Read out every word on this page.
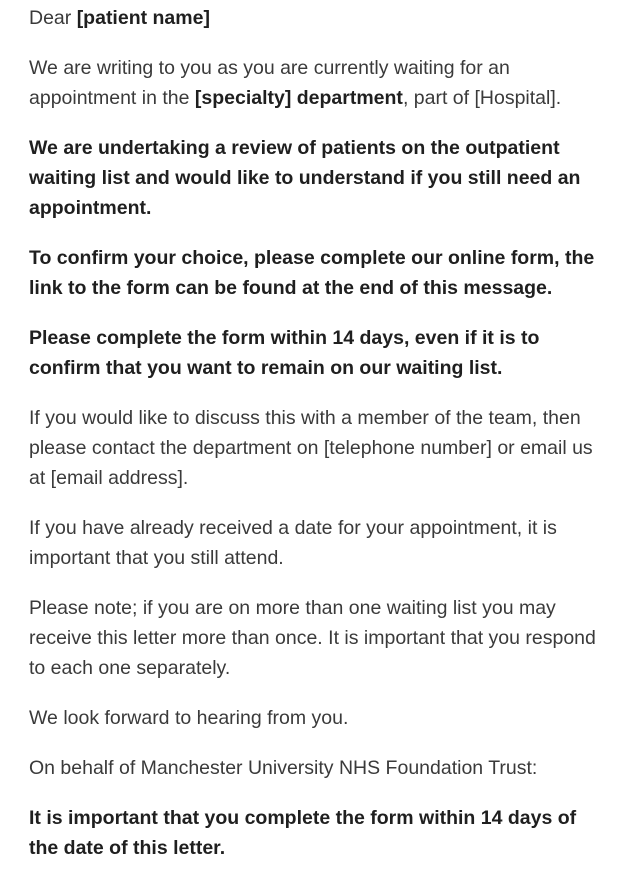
Dear [patient name]

We are writing to you as you are currently waiting for an appointment in the [specialty] department, part of [Hospital].

We are undertaking a review of patients on the outpatient waiting list and would like to understand if you still need an appointment.

To confirm your choice, please complete our online form, the link to the form can be found at the end of this message.

Please complete the form within 14 days, even if it is to confirm that you want to remain on our waiting list.

If you would like to discuss this with a member of the team, then please contact the department on [telephone number] or email us at [email address].

If you have already received a date for your appointment, it is important that you still attend.

Please note; if you are on more than one waiting list you may receive this letter more than once. It is important that you respond to each one separately.

We look forward to hearing from you.

On behalf of Manchester University NHS Foundation Trust:

It is important that you complete the form within 14 days of the date of this letter.
